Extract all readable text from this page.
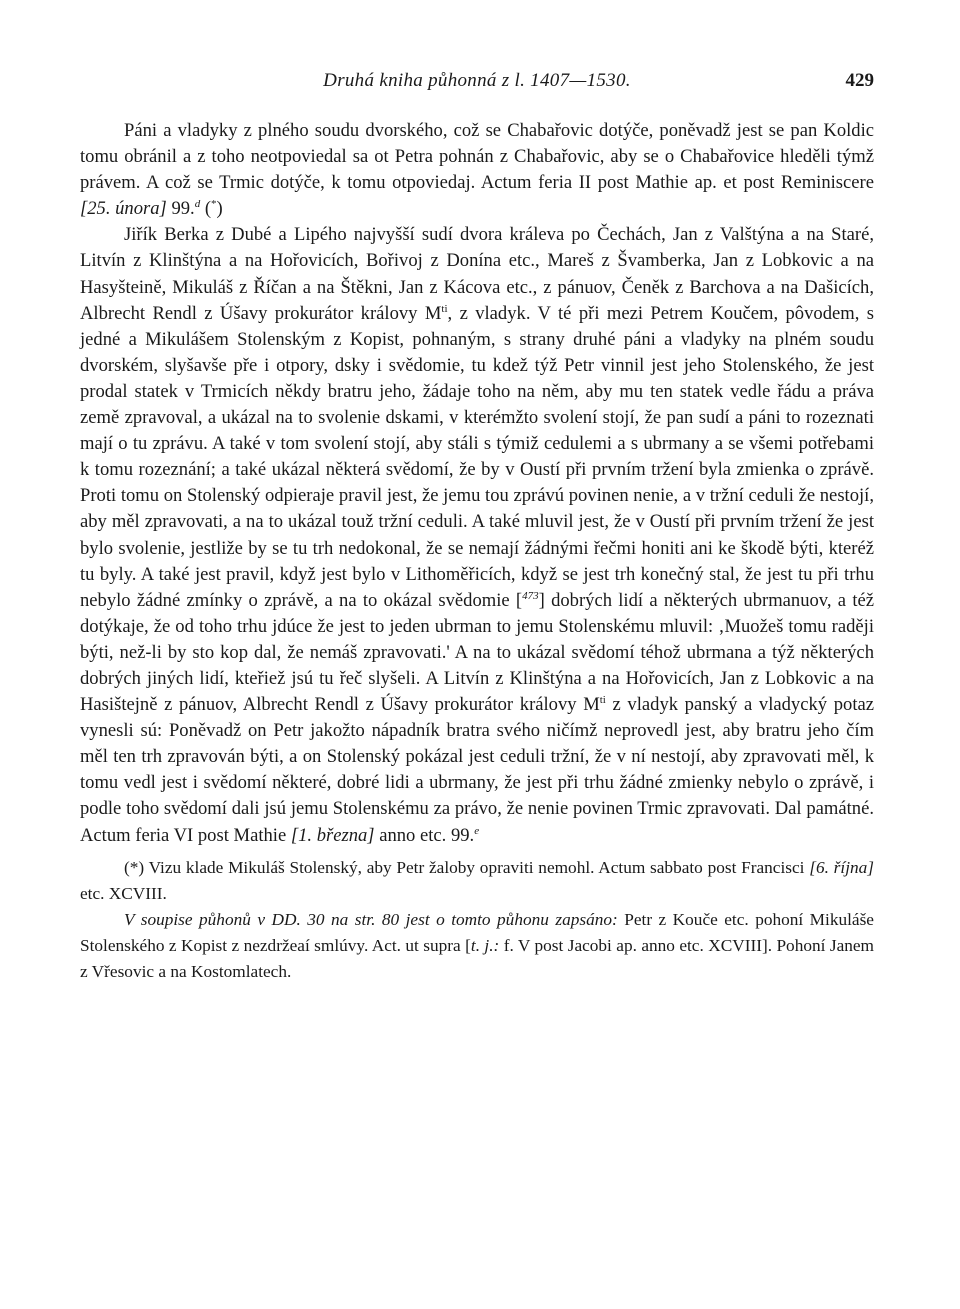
Druhá kniha půhonná z l. 1407—1530.	429

Páni a vladyky z plného soudu dvorského, což se Chabařovic dotýče, poněvadž jest se pan Koldic tomu obránil a z toho neotpoviedal sa ot Petra pohnán z Chabařovic, aby se o Chabařovice hleděli týmž právem. A což se Trmic dotýče, k tomu otpoviedaj. Actum feria II post Mathie ap. et post Reminiscere [25. února] 99.$^d$ (*)

Jiřík Berka z Dubé a Lipého najvyšší sudí dvora králeva po Čechách, Jan z Valštýna a na Staré, Litvín z Klinštýna a na Hořovicích, Bořivoj z Donína etc., Mareš z Švamberka, Jan z Lobkovic a na Hasyšteině, Mikuláš z Říčan a na Štěkni, Jan z Kácova etc., z pánuov, Čeněk z Barchova a na Dašicích, Albrecht Rendl z Úšavy prokurátor královy $M^{ti}$, z vladyk. V té při mezi Petrem Koučem, pôvodem, s jedné a Mikulášem Stolenským z Kopist, pohnaným, s strany druhé páni a vladyky na plném soudu dvorském, slyšavše pře i otpory, dsky i svědomie, tu kdež týž Petr vinnil jest jeho Stolenského, že jest prodal statek v Trmicích někdy bratru jeho, žádaje toho na něm, aby mu ten statek vedle řádu a práva země zpravoval, a ukázal na to svolenie dskami, v kterémžto svolení stojí, že pan sudí a páni to rozeznati mají o tu zprávu. A také v tom svolení stojí, aby stáli s týmiž cedulemi a s ubrmany a se všemi potřebami k tomu rozeznání; a také ukázal některá svědomí, že by v Oustí při prvním tržení byla zmienka o zprávě. Proti tomu on Stolenský odpieraje pravil jest, že jemu tou zprávú povinen nenie, a v tržní ceduli že nestojí, aby měl zpravovati, a na to ukázal touž tržní ceduli. A také mluvil jest, že v Oustí při prvním tržení že jest bylo svolenie, jestliže by se tu trh nedokonal, že se nemají žádnými řečmi honiti ani ke škodě býti, kteréž tu byly. A také jest pravil, když jest bylo v Lithoměřicích, když se jest trh konečný stal, že jest tu při trhu nebylo žádné zmínky o zprávě, a na to okázal svědomie [$^{473}$] dobrých lidí a některých ubrmanuov, a též dotýkaje, že od toho trhu jdúce že jest to jeden ubrman to jemu Stolenskému mluvil: ‚Muožeš tomu raději býti, než-li by sto kop dal, že nemáš zpravovati.' A na to ukázal svědomí téhož ubrmana a týž některých dobrých jiných lidí, kteřiež jsú tu řeč slyšeli. A Litvín z Klinštýna a na Hořovicích, Jan z Lobkovic a na Hasištejně z pánuov, Albrecht Rendl z Úšavy prokurátor královy $M^{ti}$ z vladyk panský a vladycký potaz vynesli sú: Poněvadž on Petr jakožto nápadník bratra svého ničímž neprovedl jest, aby bratru jeho čím měl ten trh zpravován býti, a on Stolenský pokázal jest ceduli tržní, že v ní nestojí, aby zpravovati měl, k tomu vedl jest i svědomí některé, dobré lidi a ubrmany, že jest při trhu žádné zmienky nebylo o zprávě, i podle toho svědomí dali jsú jemu Stolenskému za právo, že nenie povinen Trmic zpravovati. Dal památné. Actum feria VI post Mathie [1. března] anno etc. 99.$^e$

(*) Vizu klade Mikuláš Stolenský, aby Petr žaloby opraviti nemohl. Actum sabbato post Francisci [6. října] etc. XCVIII.

V soupise půhonů v DD. 30 na str. 80 jest o tomto půhonu zapsáno: Petr z Kouče etc. pohoní Mikuláše Stolenského z Kopist z nezdržeaí smlúvy. Act. ut supra [t. j.: f. V post Jacobi ap. anno etc. XCVIII]. Pohoní Janem z Vřesovic a na Kostomlatech.
